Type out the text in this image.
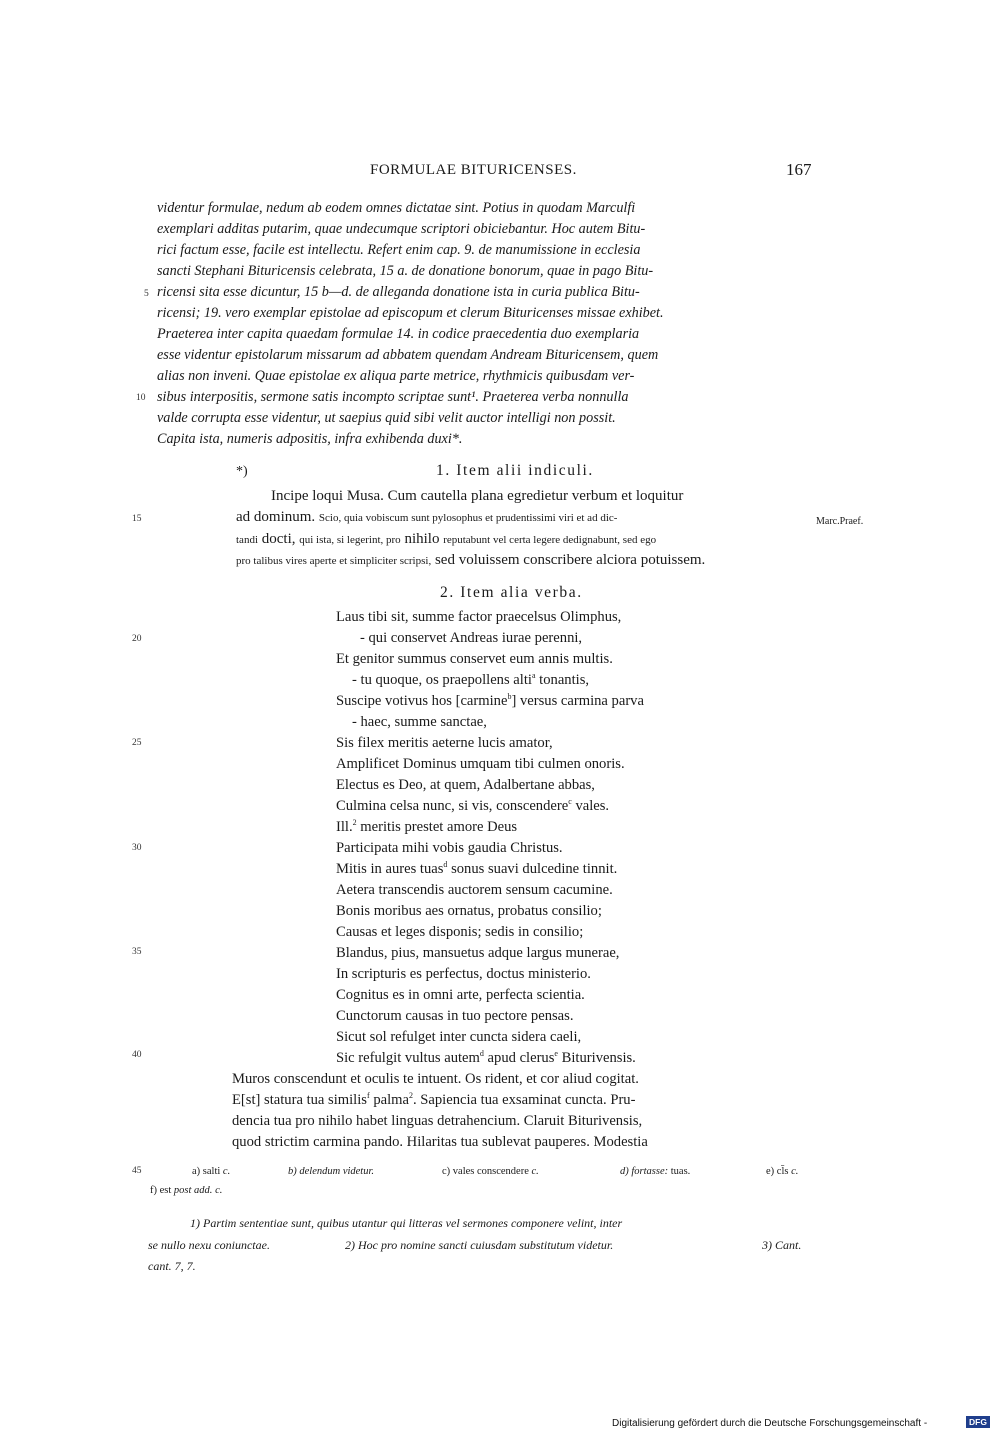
FORMULAE BITURICENSES.	167
videntur formulae, nedum ab eodem omnes dictatae sint. Potius in quodam Marculfi
exemplari additas putarim, quae undecumque scriptori obiciebantur. Hoc autem Bitu-
rici factum esse, facile est intellectu. Refert enim cap. 9. de manumissione in ecclesia
sancti Stephani Bituricensis celebrata, 15 a. de donatione bonorum, quae in pago Bitu-
ricensi sita esse dicuntur, 15 b—d. de alleganda donatione ista in curia publica Bitu-
ricensi; 19. vero exemplar epistolae ad episcopum et clerum Bituricenses missae exhibet.
Praeterea inter capita quaedam formulae 14. in codice praecedentia duo exemplaria
esse videntur epistolarum missarum ad abbatem quendam Andream Bituricensem, quem
alias non inveni. Quae epistolae ex aliqua parte metrice, rhythmicis quibusdam ver-
sibus interpositis, sermone satis incompto scriptae sunt¹. Praeterea verba nonnulla
valde corrupta esse videntur, ut saepius quid sibi velit auctor intelligi non possit.
Capita ista, numeris adpositis, infra exhibenda duxi*.
5
10
15
20
25
30
35
40
45
*)	1. Item alii indiculi.
Incipe loqui Musa. Cum cautella plana egredietur verbum et loquitur
ad dominum. Scio, quia vobiscum sunt pylosophus et prudentissimi viri et ad dic-
tandi docti, qui ista, si legerint, pro nihilo reputabunt vel certa legere dedignabunt, sed ego
pro talibus vires aperte et simpliciter scripsi, sed voluissem conscribere alciora potuissem.
Marc.Praef.
2. Item alia verba.
Laus tibi sit, summe factor praecelsus Olimphus,
- qui conservet Andreas iurae perenni,
Et genitor summus conservet eum annis multis.
- tu quoque, os praepollens alti$^a$ tonantis,
Suscipe votivus hos [carmine$^b$] versus carmina parva
- haec, summe sanctae,
Sis filex meritis aeterne lucis amator,
Amplificet Dominus umquam tibi culmen onoris.
Electus es Deo, at quem, Adalbertane abbas,
Culmina celsa nunc, si vis, conscendere$^c$ vales.
Ill.$^2$ meritis prestet amore Deus
Participata mihi vobis gaudia Christus.
Mitis in aures tuas$^d$ sonus suavi dulcedine tinnit.
Aetera transcendis auctorem sensum cacumine.
Bonis moribus aes ornatus, probatus consilio;
Causas et leges disponis; sedis in consilio;
Blandus, pius, mansuetus adque largus munerae,
In scripturis es perfectus, doctus ministerio.
Cognitus es in omni arte, perfecta scientia.
Cunctorum causas in tuo pectore pensas.
Sicut sol refulget inter cuncta sidera caeli,
Sic refulgit vultus autem$^d$ apud clerus$^e$ Biturivensis.
Muros conscendunt et oculis te intuent. Os rident, et cor aliud cogitat.
E[st] statura tua similis$^f$ palma$^2$. Sapiencia tua exsaminat cuncta. Pru-
dencia tua pro nihilo habet linguas detrahencium. Claruit Biturivensis,
quod strictim carmina pando. Hilaritas tua sublevat pauperes. Modestia
a) salti c.	b) delendum videtur.	c) vales conscendere c.	d) fortasse: tuas.	e) cl̄s c.
f) est post add. c.
1) Partim sententiae sunt, quibus utantur qui litteras vel sermones componere velint, inter
se nullo nexu coniunctae.	2) Hoc pro nomine sancti cuiusdam substitutum videtur.	3) Cant.
cant. 7, 7.
Digitalisierung gefördert durch die Deutsche Forschungsgemeinschaft -	DFG
